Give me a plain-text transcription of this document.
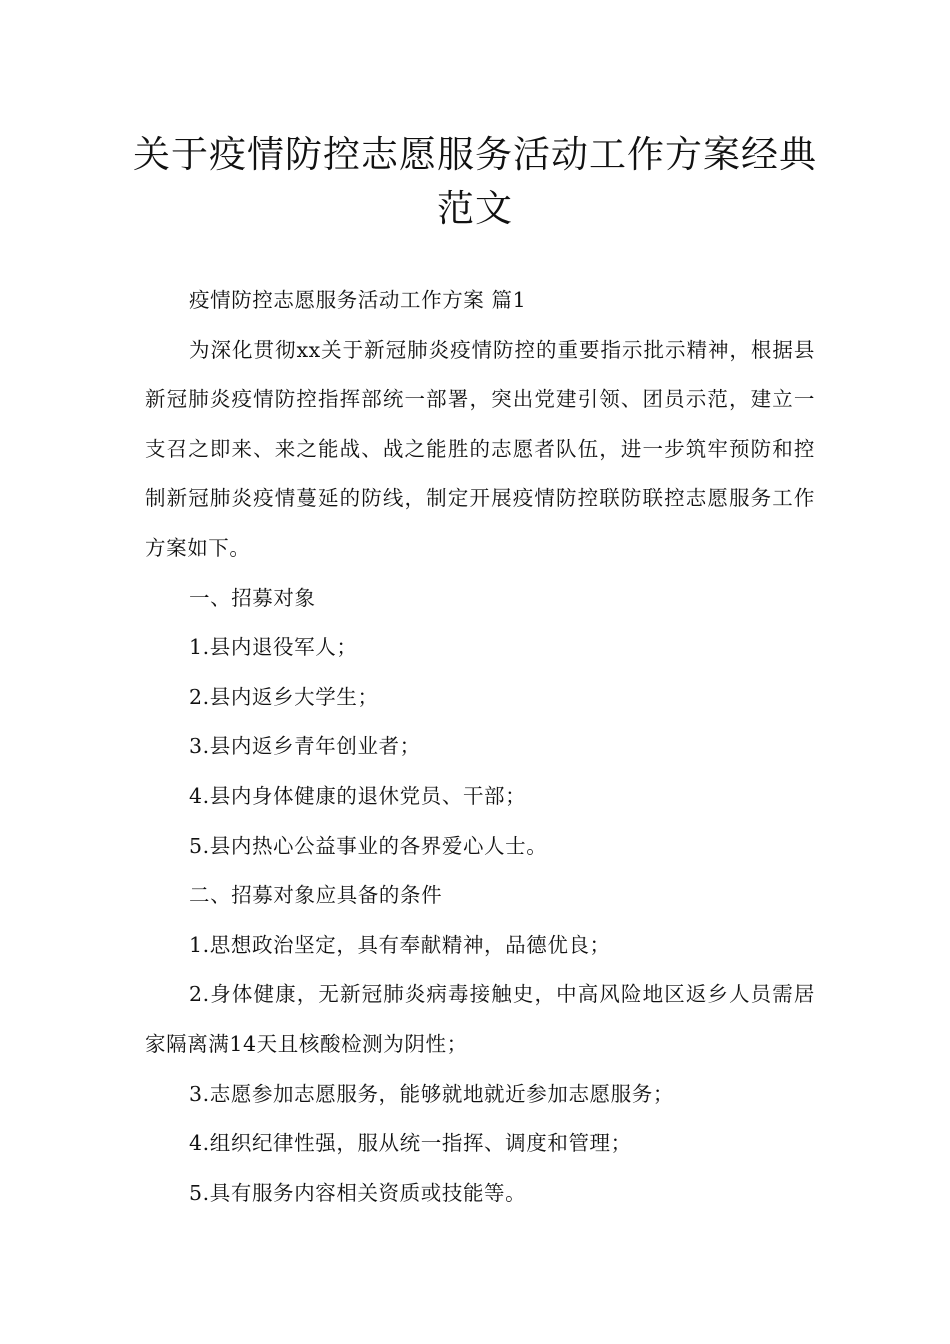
关于疫情防控志愿服务活动工作方案经典范文

疫情防控志愿服务活动工作方案 篇1

为深化贯彻xx关于新冠肺炎疫情防控的重要指示批示精神，根据县新冠肺炎疫情防控指挥部统一部署，突出党建引领、团员示范，建立一支召之即来、来之能战、战之能胜的志愿者队伍，进一步筑牢预防和控制新冠肺炎疫情蔓延的防线，制定开展疫情防控联防联控志愿服务工作方案如下。

一、招募对象

1.县内退役军人；

2.县内返乡大学生；

3.县内返乡青年创业者；

4.县内身体健康的退休党员、干部；

5.县内热心公益事业的各界爱心人士。

二、招募对象应具备的条件

1.思想政治坚定，具有奉献精神，品德优良；

2.身体健康，无新冠肺炎病毒接触史，中高风险地区返乡人员需居家隔离满14天且核酸检测为阴性；

3.志愿参加志愿服务，能够就地就近参加志愿服务；

4.组织纪律性强，服从统一指挥、调度和管理；

5.具有服务内容相关资质或技能等。
